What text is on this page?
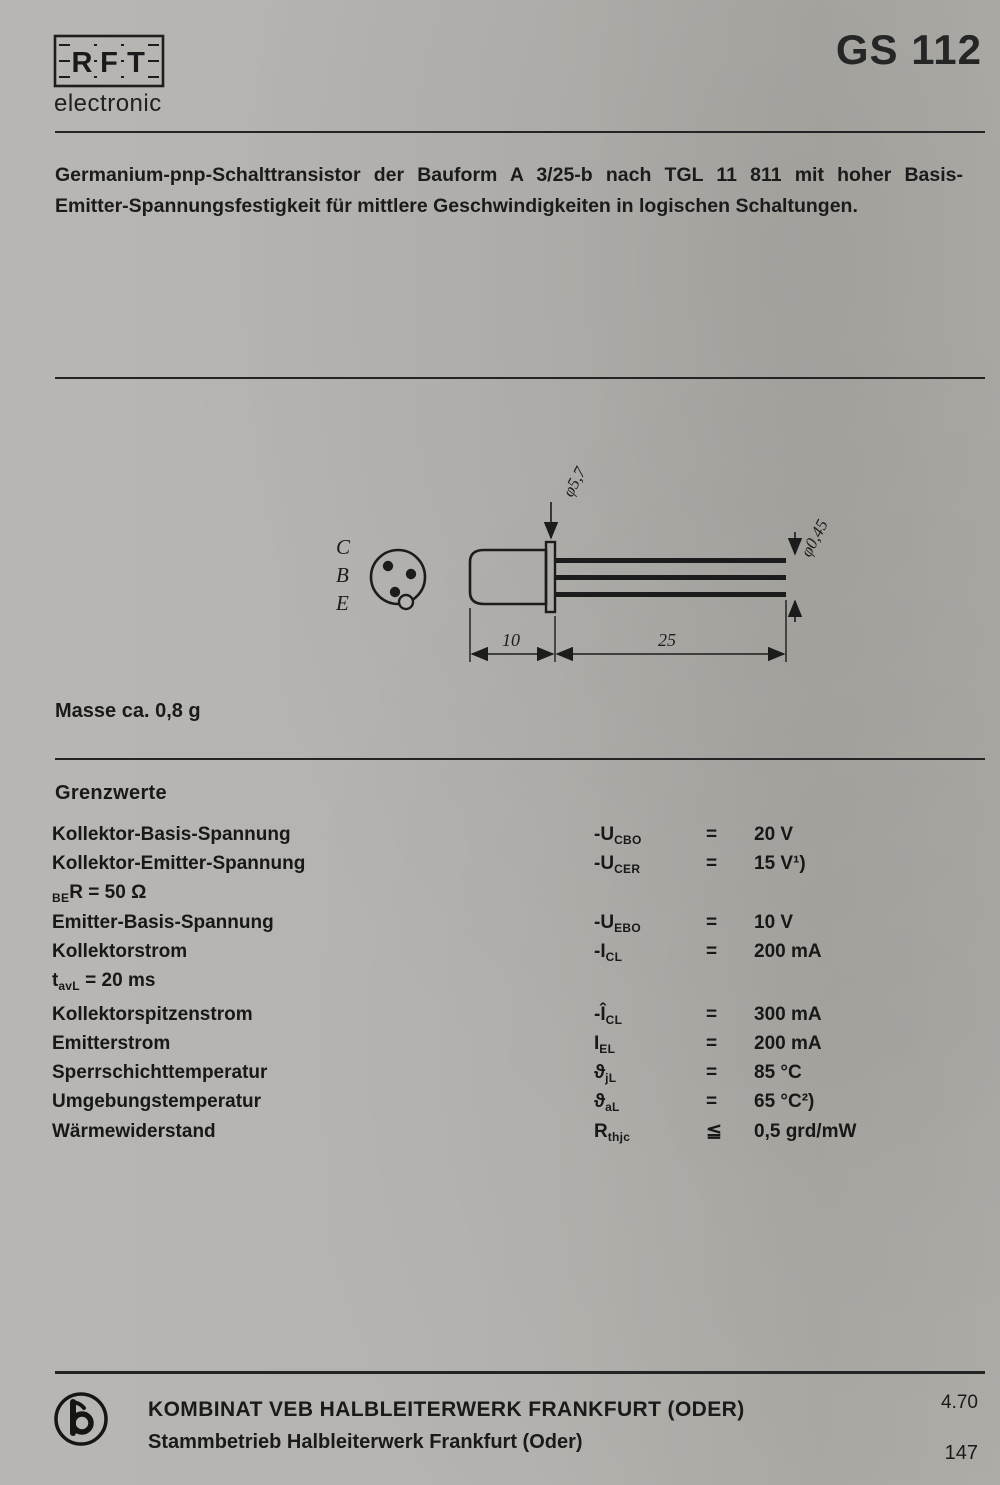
R F T
electronic
GS 112
Germanium-pnp-Schalttransistor der Bauform A 3/25-b nach TGL 11 811 mit hoher Basis-
Emitter-Spannungsfestigkeit für mittlere Geschwindigkeiten in logischen Schaltungen.
C
B
E
φ5,7
φ0,45
10	25
Masse ca. 0,8 g
Grenzwerte
Kollektor-Basis-Spannung	$-U_{CBO}$	=	20 V
Kollektor-Emitter-Spannung	$-U_{CER}$	=	15 V¹)
$_{BE}$R = 50 Ω
Emitter-Basis-Spannung	$-U_{EBO}$	=	10 V
Kollektorstrom	$-I_{CL}$	=	200 mA
$t_{avL} = 20$ ms
Kollektorspitzenstrom	$-Î_{CL}$	=	300 mA
Emitterstrom	$I_{EL}$	=	200 mA
Sperrschichttemperatur	$ϑ_{jL}$	=	85 °C
Umgebungstemperatur	$ϑ_{aL}$	=	65 °C²)
Wärmewiderstand	$R_{thjc}$	≦	0,5 grd/mW
KOMBINAT VEB HALBLEITERWERK FRANKFURT (ODER)
Stammbetrieb Halbleiterwerk Frankfurt (Oder)
4.70
147
